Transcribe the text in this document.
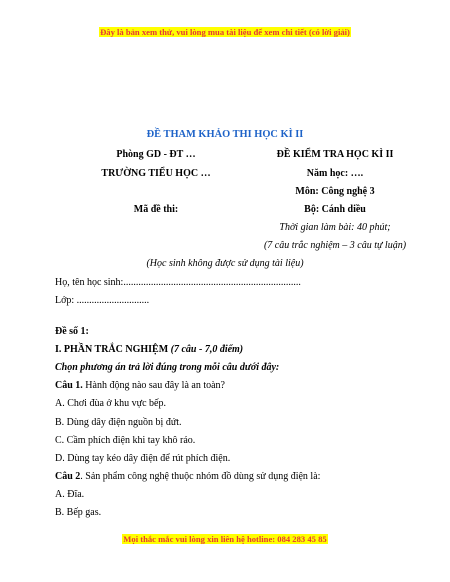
Đây là bản xem thử, vui lòng mua tài liệu để xem chi tiết (có lời giải)
ĐỀ THAM KHẢO THI HỌC KÌ II
Phòng GD - ĐT …	ĐỀ KIỂM TRA HỌC KÌ II
TRƯỜNG TIỂU HỌC …	Năm học: ….
Môn: Công nghệ 3
Mã đề thi:	Bộ: Cánh diều
Thời gian làm bài: 40 phút;
(7 câu trắc nghiệm – 3 câu tự luận)
(Học sinh không được sử dụng tài liệu)
Họ, tên học sinh:.......................................................................
Lớp: .............................
Đề số 1:
I. PHẦN TRẮC NGHIỆM (7 câu - 7,0 điểm)
Chọn phương án trả lời đúng trong mỗi câu dưới đây:
Câu 1. Hành động nào sau đây là an toàn?
A. Chơi đùa ở khu vực bếp.
B. Dùng dây điện nguồn bị đứt.
C. Cầm phích điện khi tay khô ráo.
D. Dùng tay kéo dây điện để rút phích điện.
Câu 2. Sản phẩm công nghệ thuộc nhóm đồ dùng sử dụng điện là:
A. Đĩa.
B. Bếp gas.
Mọi thắc mắc vui lòng xin liên hệ hotline: 084 283 45 85
